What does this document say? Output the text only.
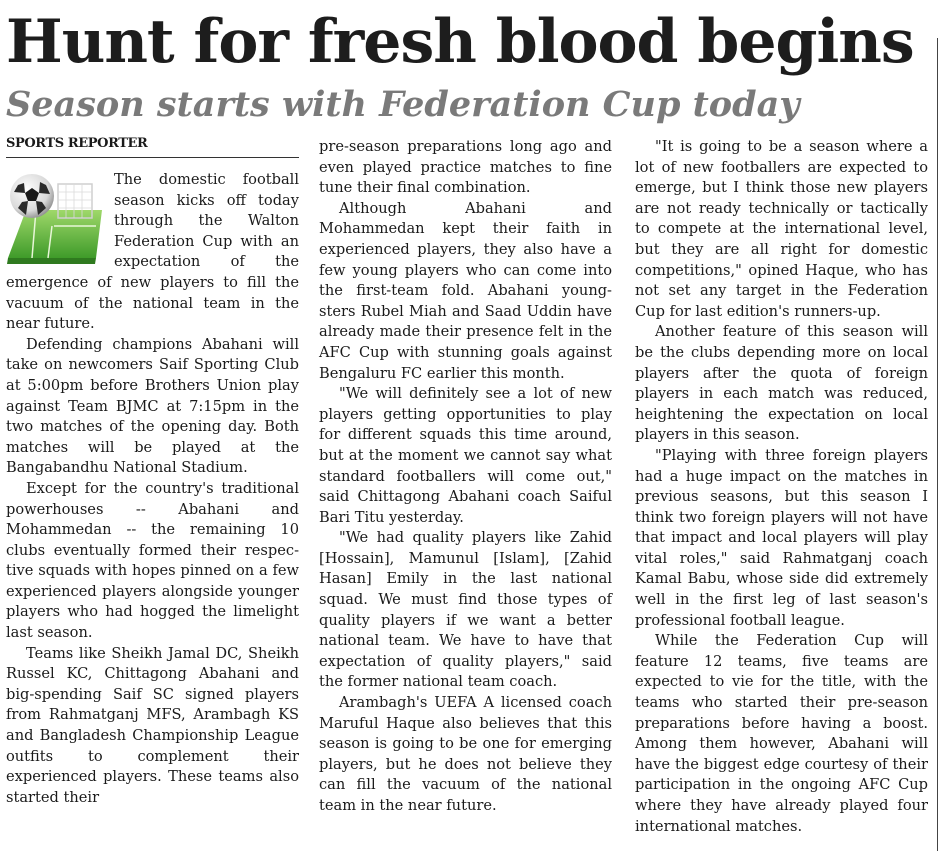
Hunt for fresh blood begins
Season starts with Federation Cup today
SPORTS REPORTER

The domestic football season kicks off today through the Walton Federation Cup with an expectation of the emergence of new players to fill the vacuum of the national team in the near future.

Defending champions Abahani will take on newcomers Saif Sporting Club at 5:00pm before Brothers Union play against Team BJMC at 7:15pm in the two matches of the opening day. Both matches will be played at the Bangabandhu National Stadium.

Except for the country's traditional powerhouses -- Abahani and Mohammedan -- the remaining 10 clubs eventually formed their respec-tive squads with hopes pinned on a few experienced players alongside younger players who had hogged the limelight last season.

Teams like Sheikh Jamal DC, Sheikh Russel KC, Chittagong Abahani and big-spending Saif SC signed players from Rahmatganj MFS, Arambagh KS and Bangladesh Championship League outfits to complement their experienced players. These teams also started their

pre-season preparations long ago and even played practice matches to fine tune their final combination.

Although Abahani and Mohammedan kept their faith in experienced players, they also have a few young players who can come into the first-team fold. Abahani young-sters Rubel Miah and Saad Uddin have already made their presence felt in the AFC Cup with stunning goals against Bengaluru FC earlier this month.

"We will definitely see a lot of new players getting opportunities to play for different squads this time around, but at the moment we cannot say what standard footballers will come out," said Chittagong Abahani coach Saiful Bari Titu yesterday.

"We had quality players like Zahid [Hossain], Mamunul [Islam], [Zahid Hasan] Emily in the last national squad. We must find those types of quality players if we want a better national team. We have to have that expectation of quality players," said the former national team coach.

Arambagh's UEFA A licensed coach Maruful Haque also believes that this season is going to be one for emerging players, but he does not believe they can fill the vacuum of the national team in the near future.

"It is going to be a season where a lot of new footballers are expected to emerge, but I think those new players are not ready technically or tactically to compete at the international level, but they are all right for domestic competitions," opined Haque, who has not set any target in the Federation Cup for last edition's runners-up.

Another feature of this season will be the clubs depending more on local players after the quota of foreign players in each match was reduced, heightening the expectation on local players in this season.

"Playing with three foreign players had a huge impact on the matches in previous seasons, but this season I think two foreign players will not have that impact and local players will play vital roles," said Rahmatganj coach Kamal Babu, whose side did extremely well in the first leg of last season's professional football league.

While the Federation Cup will feature 12 teams, five teams are expected to vie for the title, with the teams who started their pre-season preparations before having a boost. Among them however, Abahani will have the biggest edge courtesy of their participation in the ongoing AFC Cup where they have already played four international matches.
